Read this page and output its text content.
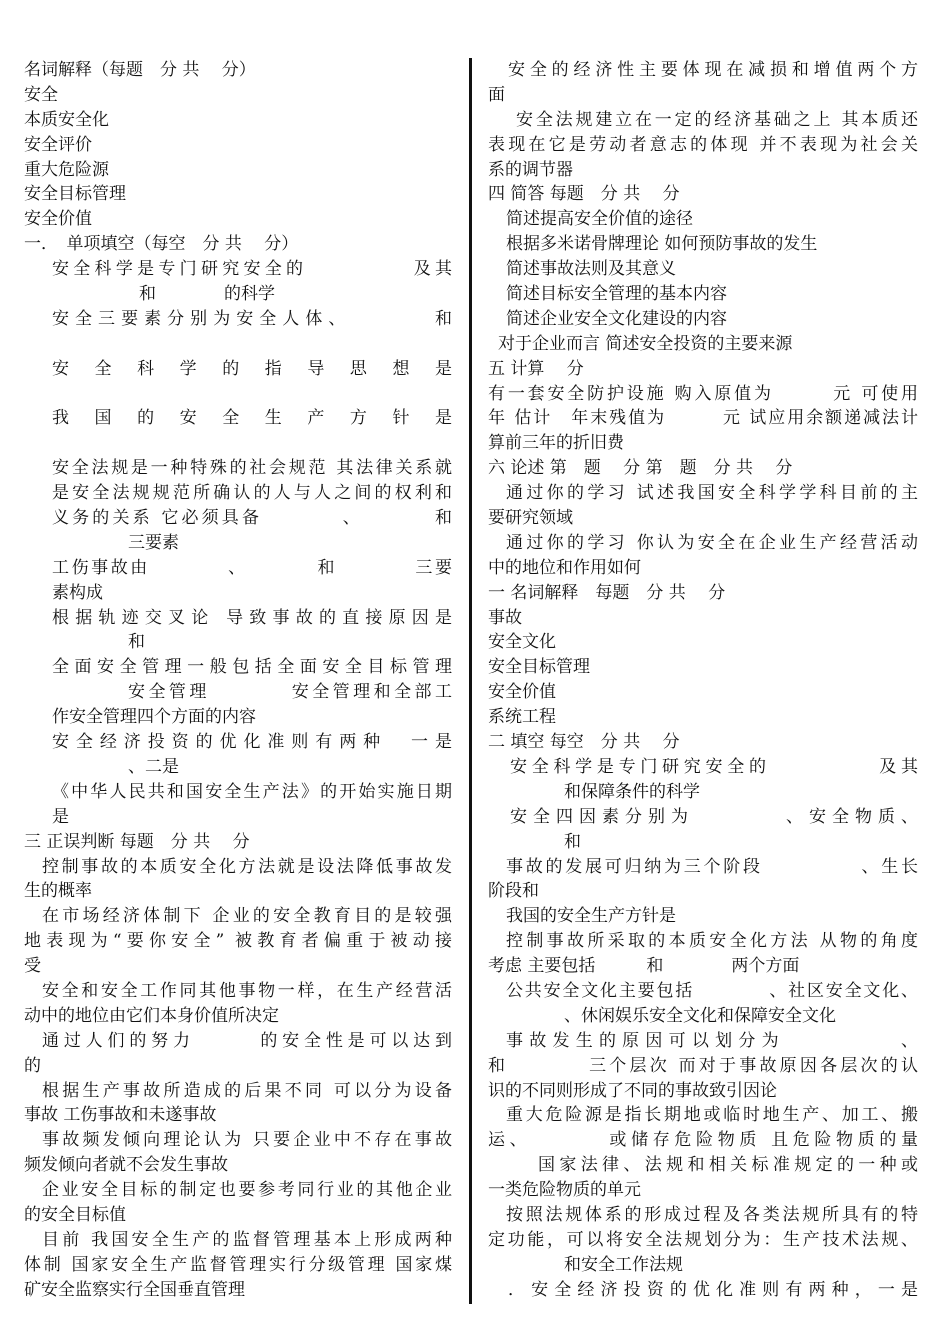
名词解释（每题　分 共　 分）
安全
本质安全化
安全评价
重大危险源
安全目标管理
安全价值
一．　单项填空（每空　分 共　 分）
安全科学是专门研究安全的　　　　　及其
和　　　　的科学
安全三要素分别为安全人体、　　　　和
安　全　科　学　的　指　导　思　想　是
我　国　的　安　全　生　产　方　针　是
安全法规是一种特殊的社会规范 其法律关系就
是安全法规规范所确认的人与人之间的权利和
义务的关系 它必须具备　　　　、　　　　和
三要素
工伤事故由　　　　、　　　　和　　　　三要
素构成
根据轨迹交叉论 导致事故的直接原因是
和
全面安全管理一般包括全面安全目标管理
安全管理　　　　安全管理和全部工
作安全管理四个方面的内容
安全经济投资的优化准则有两种　一是
、二是
《中华人民共和国安全生产法》的开始实施日期
是
三 正误判断 每题　分 共　 分
控制事故的本质安全化方法就是设法降低事故发
生的概率
在市场经济体制下 企业的安全教育目的是较强
地表现为“要你安全” 被教育者偏重于被动接
受
安全和安全工作同其他事物一样，在生产经营活
动中的地位由它们本身价值所决定
通过人们的努力　　　的安全性是可以达到
的
根据生产事故所造成的后果不同 可以分为设备
事故 工伤事故和未遂事故
事故频发倾向理论认为 只要企业中不存在事故
频发倾向者就不会发生事故
企业安全目标的制定也要参考同行业的其他企业
的安全目标值
目前 我国安全生产的监督管理基本上形成两种
体制 国家安全生产监督管理实行分级管理 国家煤
矿安全监察实行全国垂直管理
安全的经济性主要体现在减损和增值两个方
面
安全法规建立在一定的经济基础之上 其本质还
表现在它是劳动者意志的体现 并不表现为社会关
系的调节器
四 简答 每题　分 共　 分
简述提高安全价值的途径
根据多米诺骨牌理论 如何预防事故的发生
简述事故法则及其意义
简述目标安全管理的基本内容
简述企业安全文化建设的内容
对于企业而言 简述安全投资的主要来源
五 计算　 分
有一套安全防护设施 购入原值为　　　元 可使用
年 估计　年末残值为　　　元 试应用余额递减法计
算前三年的折旧费
六 论述 第　题　 分 第　题　分 共　 分
通过你的学习 试述我国安全科学学科目前的主
要研究领域
通过你的学习 你认为安全在企业生产经营活动
中的地位和作用如何
一 名词解释　每题　分 共　 分
事故
安全文化
安全目标管理
安全价值
系统工程
二 填空 每空　分 共　 分
安全科学是专门研究安全的　　　　　及其
和保障条件的科学
安全四因素分别为　　　　、安全物质、
和
事故的发展可归纳为三个阶段　　　　　、生长
阶段和
我国的安全生产方针是
控制事故所采取的本质安全化方法 从物的角度
考虑 主要包括　　　和　　　　两个方面
公共安全文化主要包括　　　　、社区安全文化、
、休闲娱乐安全文化和保障安全文化
事故发生的原因可以划分为　　　　　、
和　　　　三个层次 而对于事故原因各层次的认
识的不同则形成了不同的事故致引因论
重大危险源是指长期地或临时地生产、加工、搬
运、　　　　或储存危险物质 且危险物质的量
国家法律、法规和相关标准规定的一种或
一类危险物质的单元
按照法规体系的形成过程及各类法规所具有的特
定功能，可以将安全法规划分为：生产技术法规、
和安全工作法规
．安全经济投资的优化准则有两种，一是
